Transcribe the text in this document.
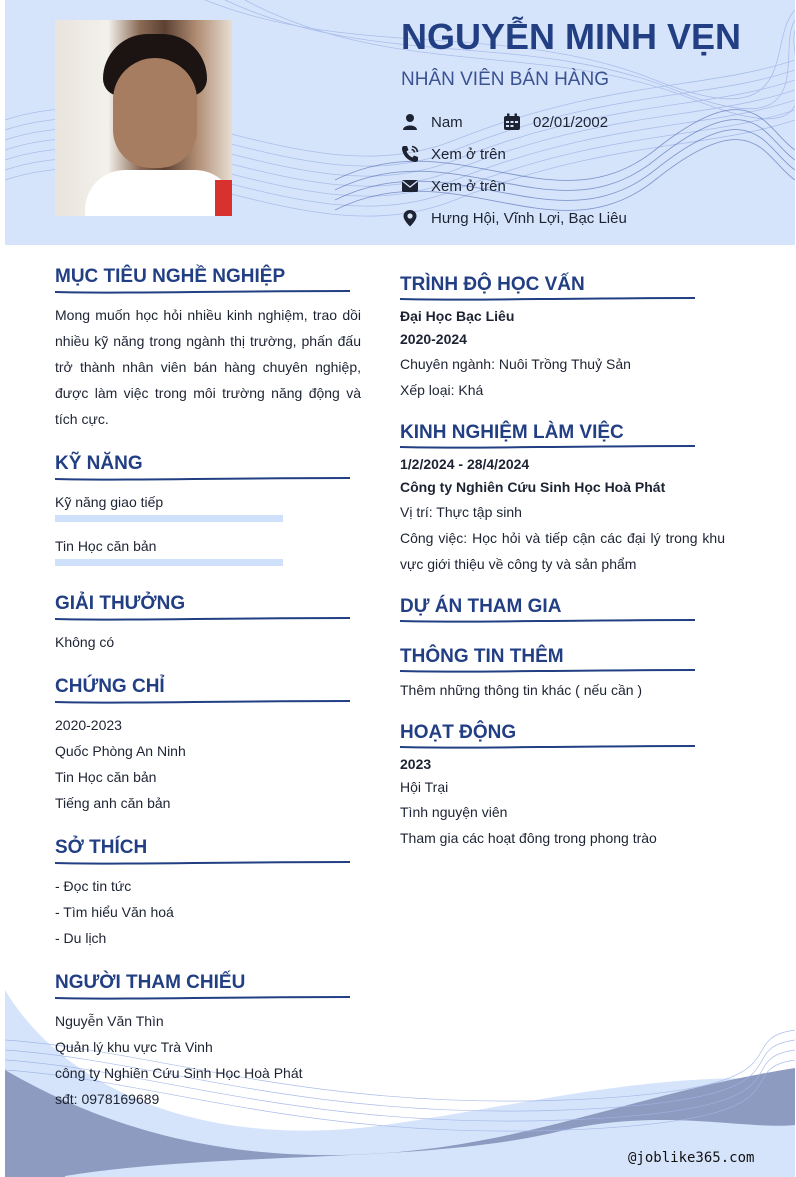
NGUYỄN MINH VẸN
NHÂN VIÊN BÁN HÀNG
Nam	02/01/2002
Xem ở trên
Xem ở trên
Hưng Hội, Vĩnh Lợi, Bạc Liêu
MỤC TIÊU NGHỀ NGHIỆP
Mong muốn học hỏi nhiều kinh nghiệm, trao dồi nhiều kỹ năng trong ngành thị trường, phấn đấu trở thành nhân viên bán hàng chuyên nghiệp, được làm việc trong môi trường năng động và tích cực.
KỸ NĂNG
Kỹ năng giao tiếp
Tin Học căn bản
GIẢI THƯỞNG
Không có
CHỨNG CHỈ
2020-2023
Quốc Phòng An Ninh
Tin Học căn bản
Tiếng anh căn bản
SỞ THÍCH
- Đọc tin tức
- Tìm hiểu Văn hoá
- Du lịch
NGƯỜI THAM CHIẾU
Nguyễn Văn Thìn
Quản lý khu vực Trà Vinh
công ty Nghiên Cứu Sinh Học Hoà Phát
sđt: 0978169689
TRÌNH ĐỘ HỌC VẤN
Đại Học Bạc Liêu
2020-2024
Chuyên ngành: Nuôi Trồng Thuỷ Sản
Xếp loại: Khá
KINH NGHIỆM LÀM VIỆC
1/2/2024 - 28/4/2024
Công ty Nghiên Cứu Sinh Học Hoà Phát
Vị trí: Thực tập sinh
Công việc: Học hỏi và tiếp cận các đại lý trong khu vực giới thiệu về công ty và sản phẩm
DỰ ÁN THAM GIA
THÔNG TIN THÊM
Thêm những thông tin khác ( nếu cần )
HOẠT ĐỘNG
2023
Hội Trại
Tình nguyện viên
Tham gia các hoạt đông trong phong trào
@joblike365.com
